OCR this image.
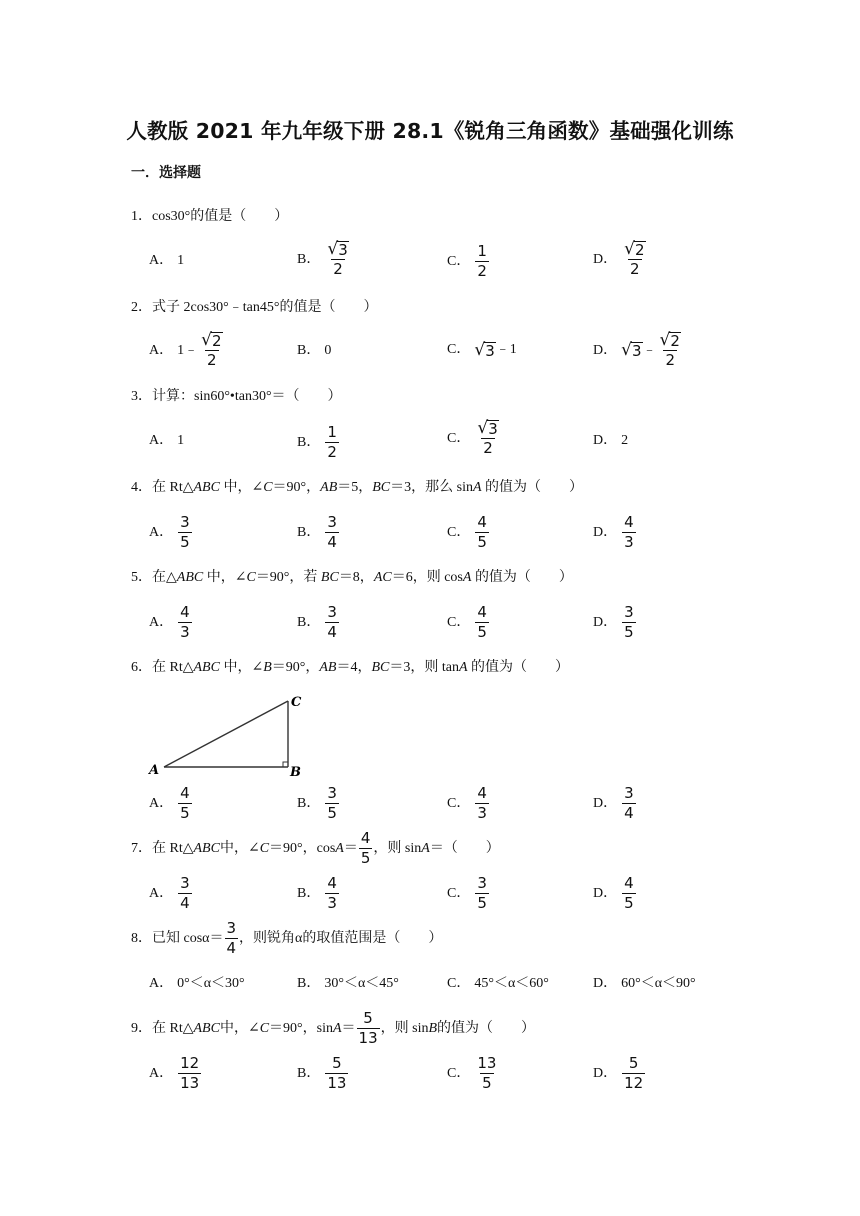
人教版 2021 年九年级下册 28.1《锐角三角函数》基础强化训练
一．选择题
1．cos30°的值是（　　）
A． 1	B． $\frac{√ 3}{2}$	C． $\frac{1}{2}$	D． $\frac{√ 2}{2}$
2．式子 2cos30°﹣tan45°的值是（　　）
A． 1﹣ $\frac{√ 2}{2}$	B． 0	C． √ 3 ﹣1	D． √ 3 ﹣ $\frac{√ 2}{2}$
3．计算：sin60°•tan30°＝（　　）
A． 1	B． $\frac{1}{2}$	C． $\frac{√ 3}{2}$	D． 2
4．在 Rt△ABC 中，∠C＝90°，AB＝5，BC＝3，那么 sinA 的值为（　　）
A． $\frac{3}{5}$	B． $\frac{3}{4}$	C． $\frac{4}{5}$	D． $\frac{4}{3}$
5．在△ABC 中，∠C＝90°，若 BC＝8，AC＝6，则 cosA 的值为（　　）
A． $\frac{4}{3}$	B． $\frac{3}{4}$	C． $\frac{4}{5}$	D． $\frac{3}{5}$
6．在 Rt△ABC 中，∠B＝90°，AB＝4，BC＝3，则 tanA 的值为（　　）
A	B
C
A． $\frac{4}{5}$	B． $\frac{3}{5}$	C． $\frac{4}{3}$	D． $\frac{3}{4}$
7． 在 Rt△ ABC 中，∠ C ＝90°，$\cos A = \frac{4}{5}$ ，则 sin A ＝（　　）
A． $\frac{3}{4}$	B． $\frac{4}{3}$	C． $\frac{3}{5}$	D． $\frac{4}{5}$
8． 已知 $\cos\alpha= \frac{3}{4}$ ，则锐角α的取值范围是（　　）
A． 0°＜α＜30°	B． 30°＜α＜45°	C． 45°＜α＜60°	D． 60°＜α＜90°
9． 在 Rt△ ABC 中，∠ C ＝90°，$\sin A = \frac{5}{13}$ ，则 sin B 的值为（　　）
A． $\frac{12}{13}$	B． $\frac{5}{13}$	C． $\frac{13}{5}$	D． $\frac{5}{12}$
